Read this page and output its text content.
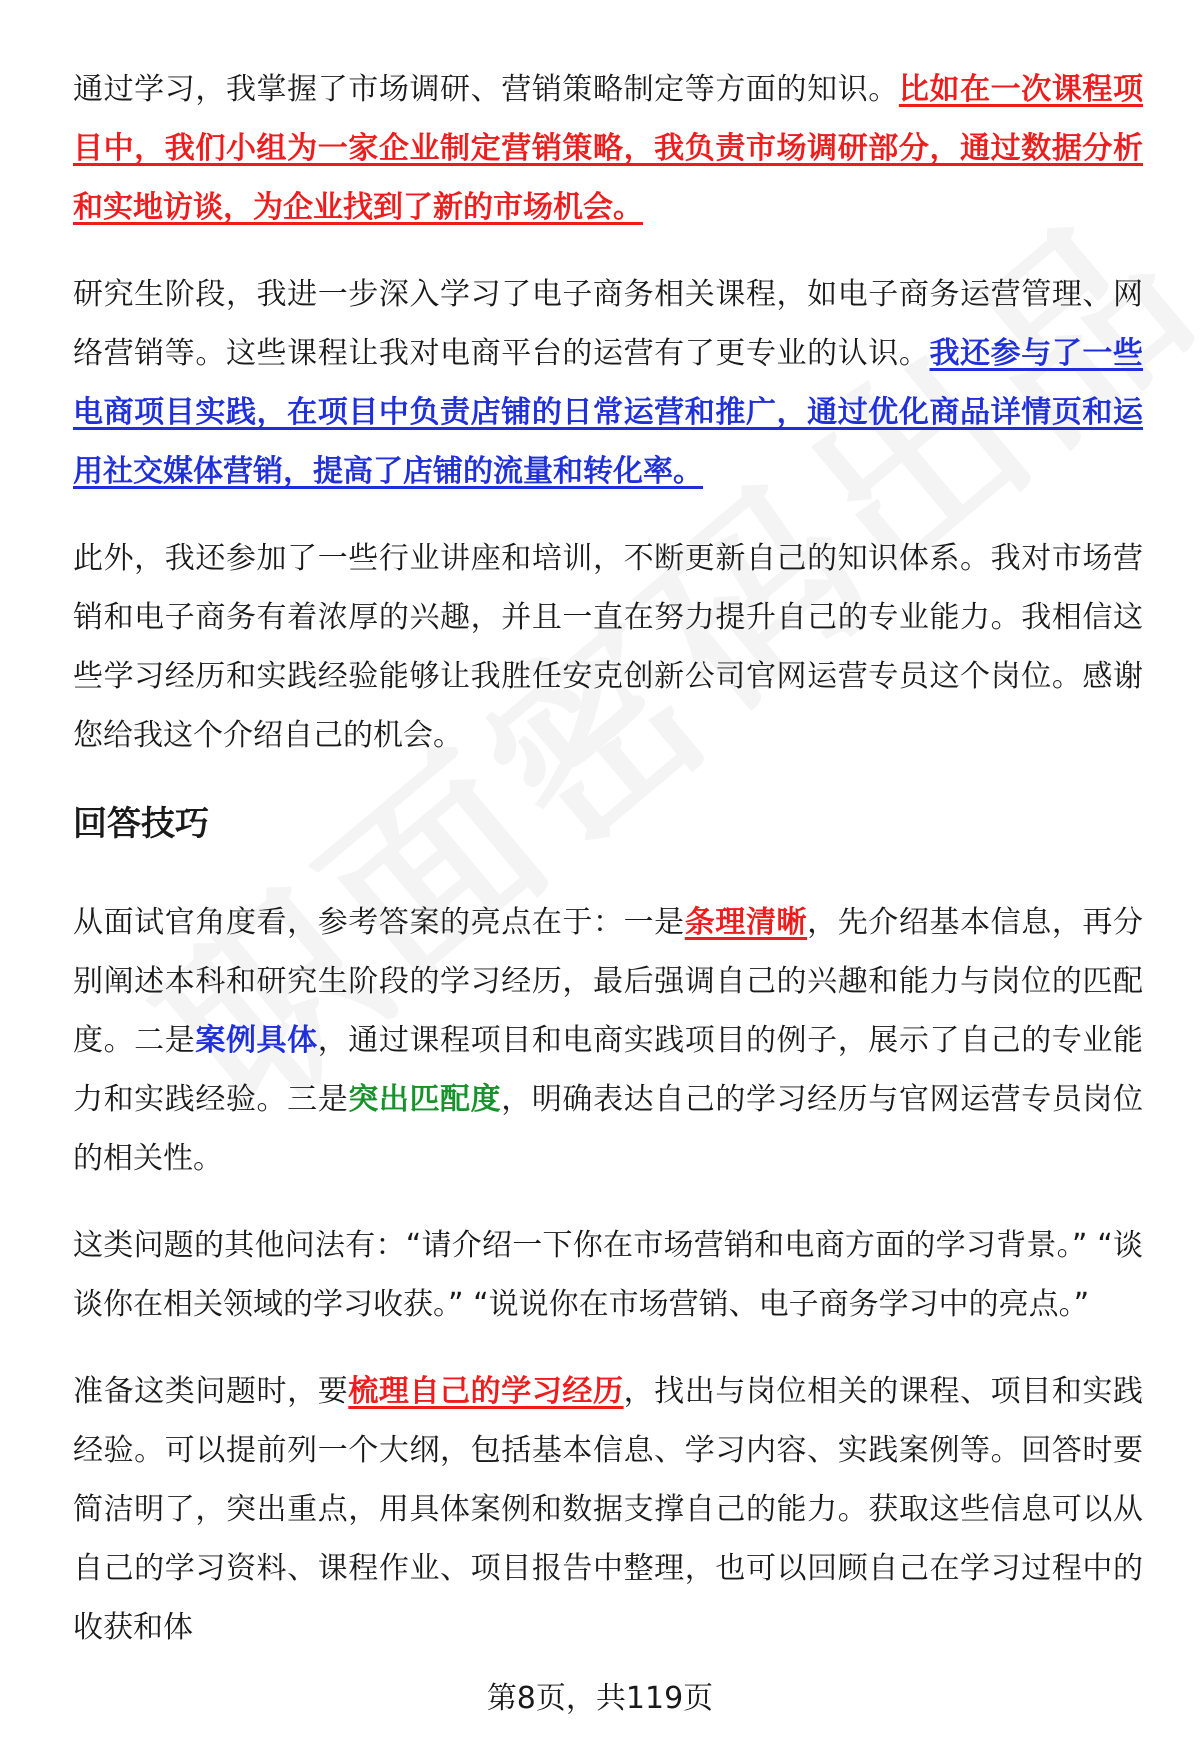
通过学习，我掌握了市场调研、营销策略制定等方面的知识。比如在一次课程项目中，我们小组为一家企业制定营销策略，我负责市场调研部分，通过数据分析和实地访谈，为企业找到了新的市场机会。

研究生阶段，我进一步深入学习了电子商务相关课程，如电子商务运营管理、网络营销等。这些课程让我对电商平台的运营有了更专业的认识。我还参与了一些电商项目实践，在项目中负责店铺的日常运营和推广，通过优化商品详情页和运用社交媒体营销，提高了店铺的流量和转化率。

此外，我还参加了一些行业讲座和培训，不断更新自己的知识体系。我对市场营销和电子商务有着浓厚的兴趣，并且一直在努力提升自己的专业能力。我相信这些学习经历和实践经验能够让我胜任安克创新公司官网运营专员这个岗位。感谢您给我这个介绍自己的机会。

回答技巧

从面试官角度看，参考答案的亮点在于：一是条理清晰，先介绍基本信息，再分别阐述本科和研究生阶段的学习经历，最后强调自己的兴趣和能力与岗位的匹配度。二是案例具体，通过课程项目和电商实践项目的例子，展示了自己的专业能力和实践经验。三是突出匹配度，明确表达自己的学习经历与官网运营专员岗位的相关性。

这类问题的其他问法有：“请介绍一下你在市场营销和电商方面的学习背景。” “谈谈你在相关领域的学习收获。” “说说你在市场营销、电子商务学习中的亮点。”

准备这类问题时，要梳理自己的学习经历，找出与岗位相关的课程、项目和实践经验。可以提前列一个大纲，包括基本信息、学习内容、实践案例等。回答时要简洁明了，突出重点，用具体案例和数据支撑自己的能力。获取这些信息可以从自己的学习资料、课程作业、项目报告中整理，也可以回顾自己在学习过程中的收获和体

第8页，共119页
